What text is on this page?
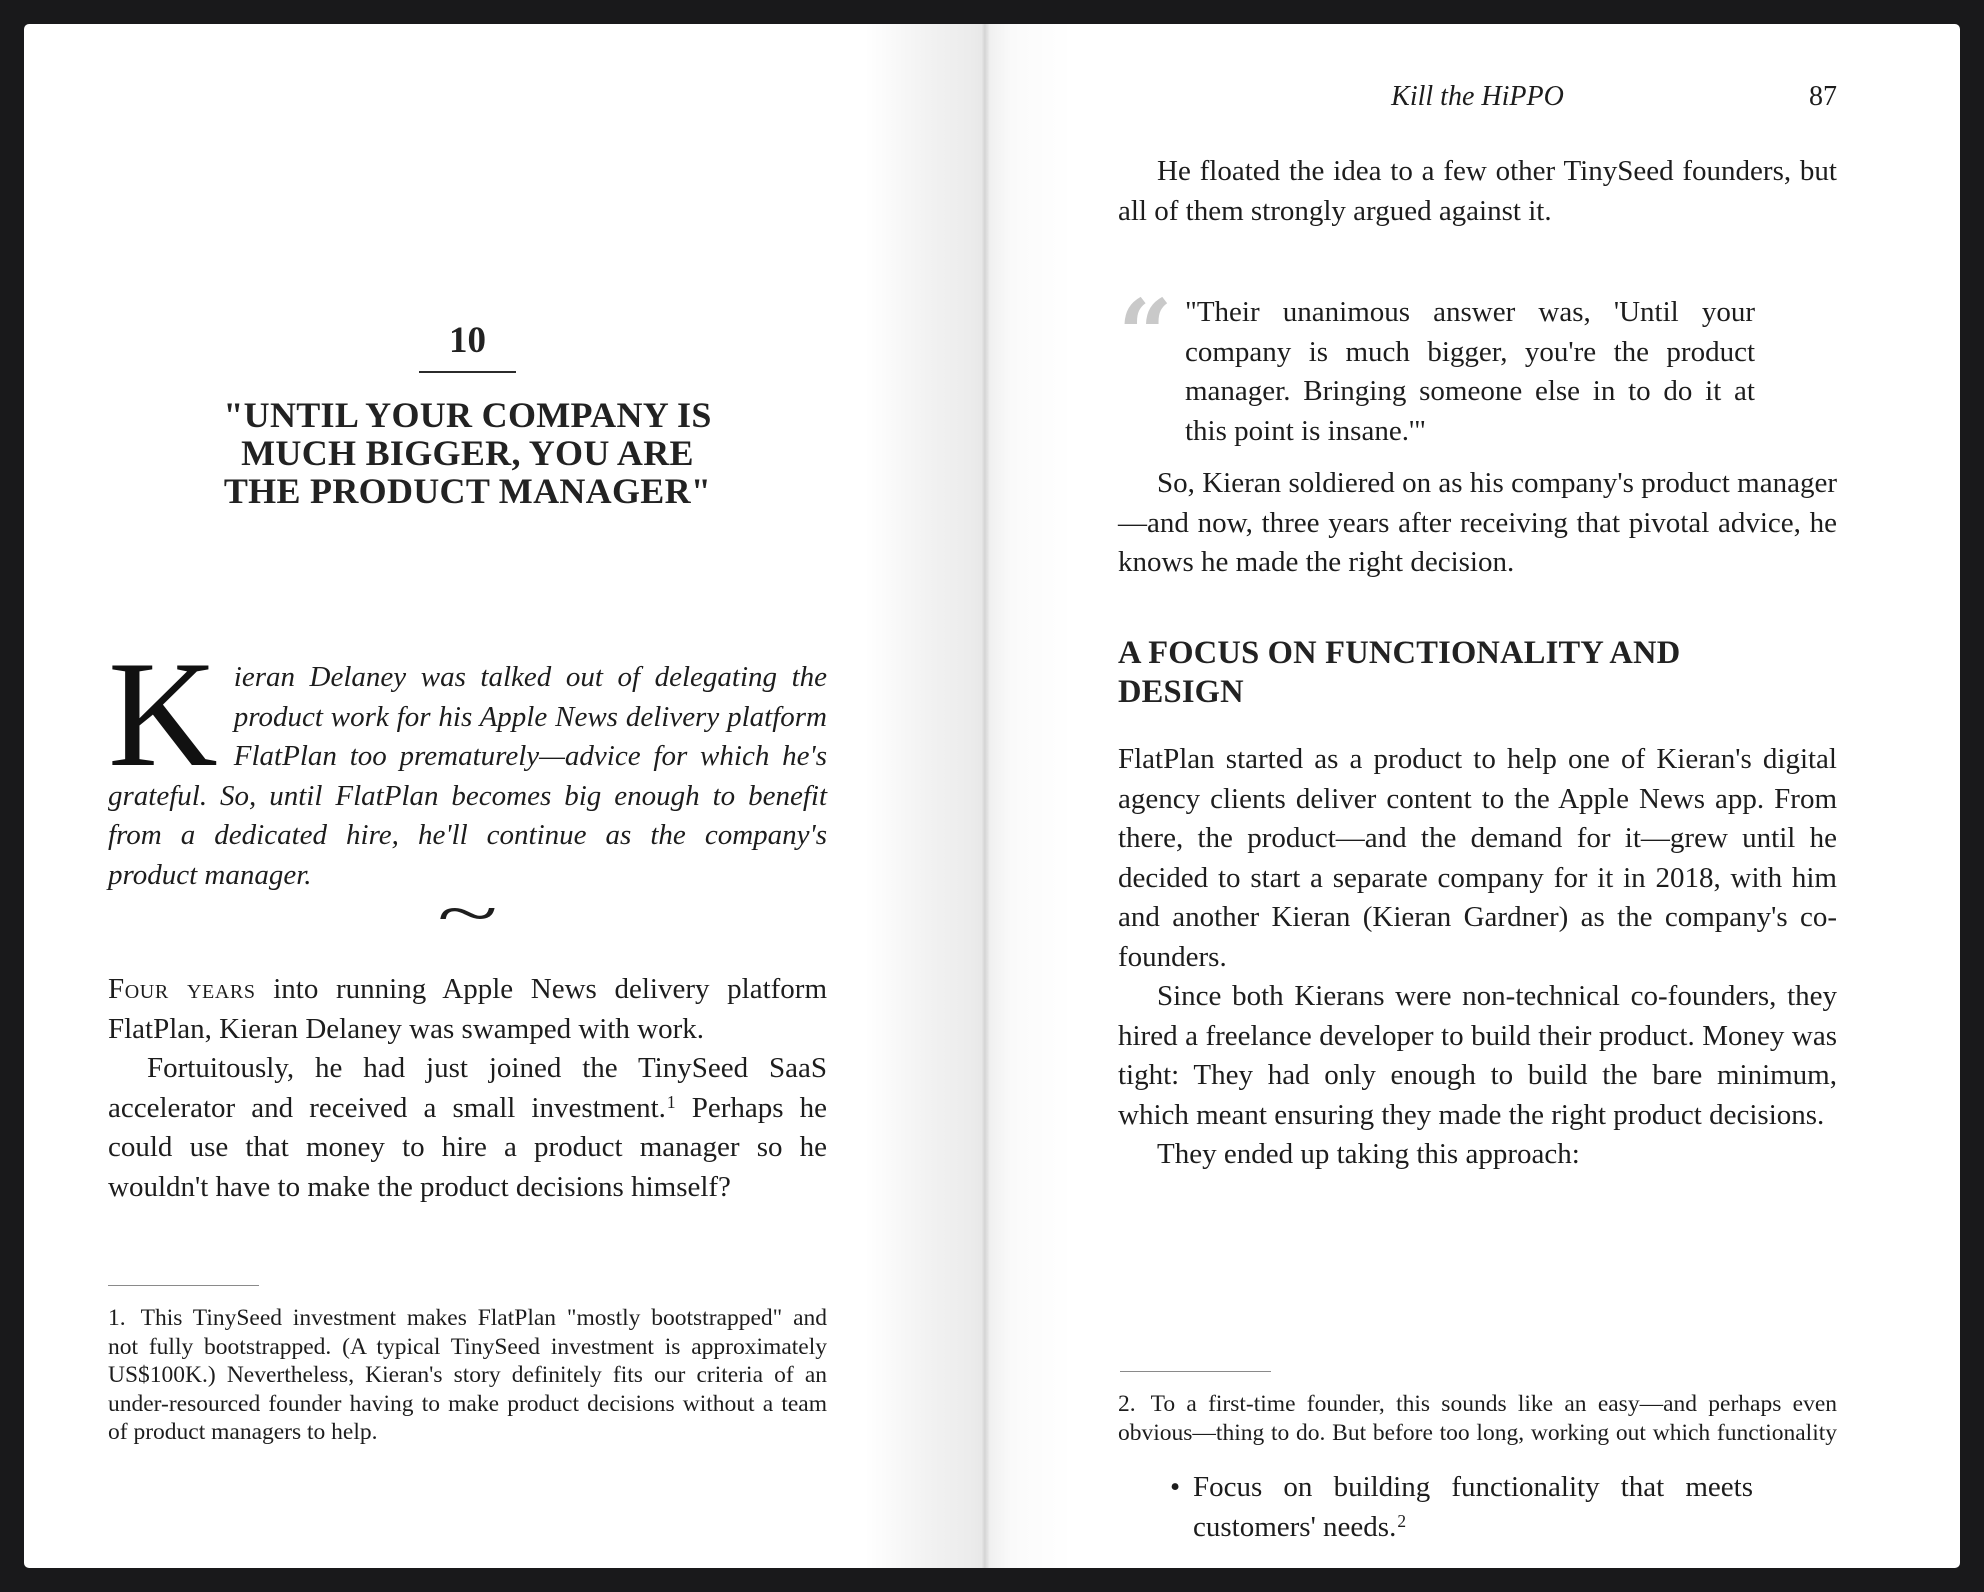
10
"UNTIL YOUR COMPANY IS
MUCH BIGGER, YOU ARE
THE PRODUCT MANAGER"

Kieran Delaney was talked out of delegating the product work for his Apple News delivery platform FlatPlan too prematurely—advice for which he's grateful. So, until FlatPlan becomes big enough to benefit from a dedicated hire, he'll continue as the company's product manager.

~

Four years into running Apple News delivery platform FlatPlan, Kieran Delaney was swamped with work.

Fortuitously, he had just joined the TinySeed SaaS accelerator and received a small investment.$^1$ Perhaps he could use that money to hire a product manager so he wouldn't have to make the product decisions himself?

1. This TinySeed investment makes FlatPlan "mostly bootstrapped" and not fully bootstrapped. (A typical TinySeed investment is approximately US$100K.) Nevertheless, Kieran's story definitely fits our criteria of an under-resourced founder having to make product decisions without a team of product managers to help.

Kill the HiPPO	87

He floated the idea to a few other TinySeed founders, but all of them strongly argued against it.

“ "Their unanimous answer was, 'Until your company is much bigger, you're the product manager. Bringing someone else in to do it at this point is insane.'"

So, Kieran soldiered on as his company's product manager—and now, three years after receiving that pivotal advice, he knows he made the right decision.

A FOCUS ON FUNCTIONALITY AND
DESIGN

FlatPlan started as a product to help one of Kieran's digital agency clients deliver content to the Apple News app. From there, the product—and the demand for it—grew until he decided to start a separate company for it in 2018, with him and another Kieran (Kieran Gardner) as the company's co-founders.

Since both Kierans were non-technical co-founders, they hired a freelance developer to build their product. Money was tight: They had only enough to build the bare minimum, which meant ensuring they made the right product decisions.

They ended up taking this approach:

• Focus on building functionality that meets customers' needs.$^2$

2. To a first-time founder, this sounds like an easy—and perhaps even obvious—thing to do. But before too long, working out which functionality
